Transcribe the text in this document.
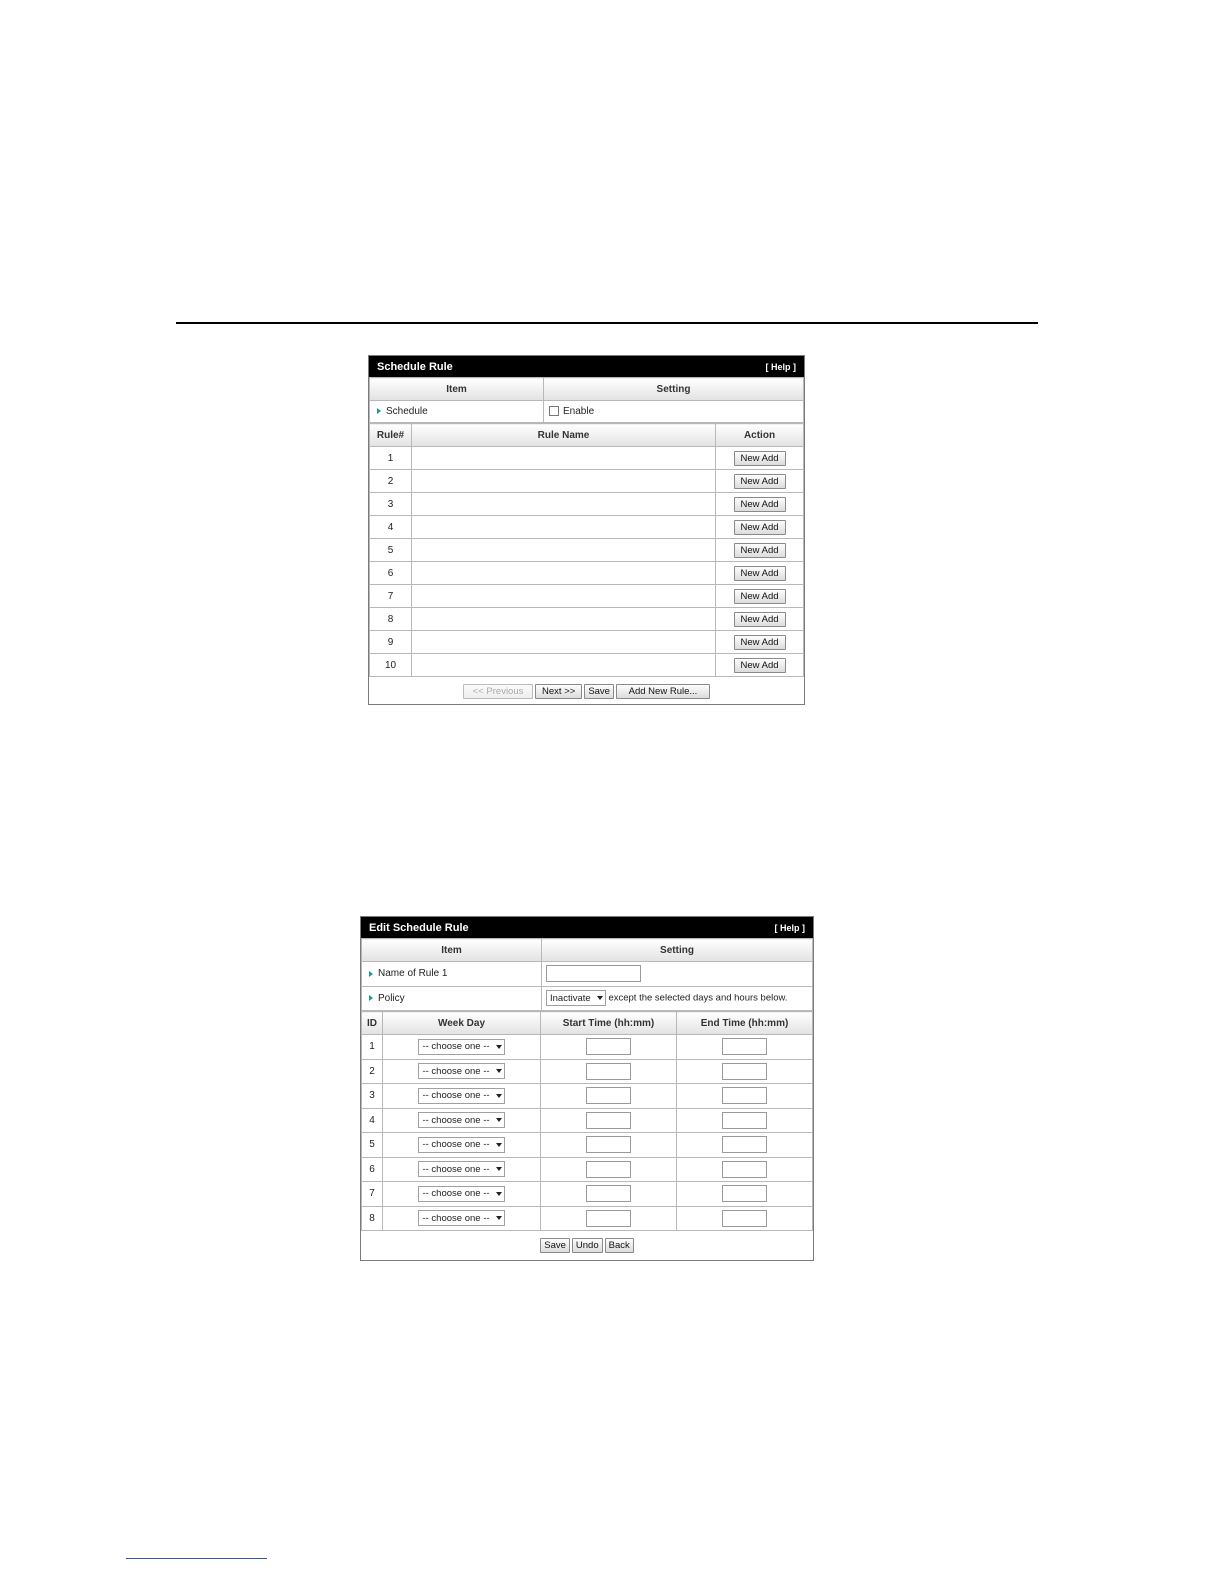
Schedule Rule	[ Help ]
Item	Setting
Schedule	Enable
Rule#	Rule Name	Action
1		New Add
2		New Add
3		New Add
4		New Add
5		New Add
6		New Add
7		New Add
8		New Add
9		New Add
10		New Add
<< Previous	Next >>	Save	Add New Rule...
Edit Schedule Rule	[ Help ]
Item	Setting
Name of Rule 1	
Policy	Inactivate except the selected days and hours below.
ID	Week Day	Start Time (hh:mm)	End Time (hh:mm)
1	-- choose one --		

2	-- choose one --		

3	-- choose one --		

4	-- choose one --		

5	-- choose one --		

6	-- choose one --		

7	-- choose one --		

8	-- choose one --		

Save	Undo	Back
